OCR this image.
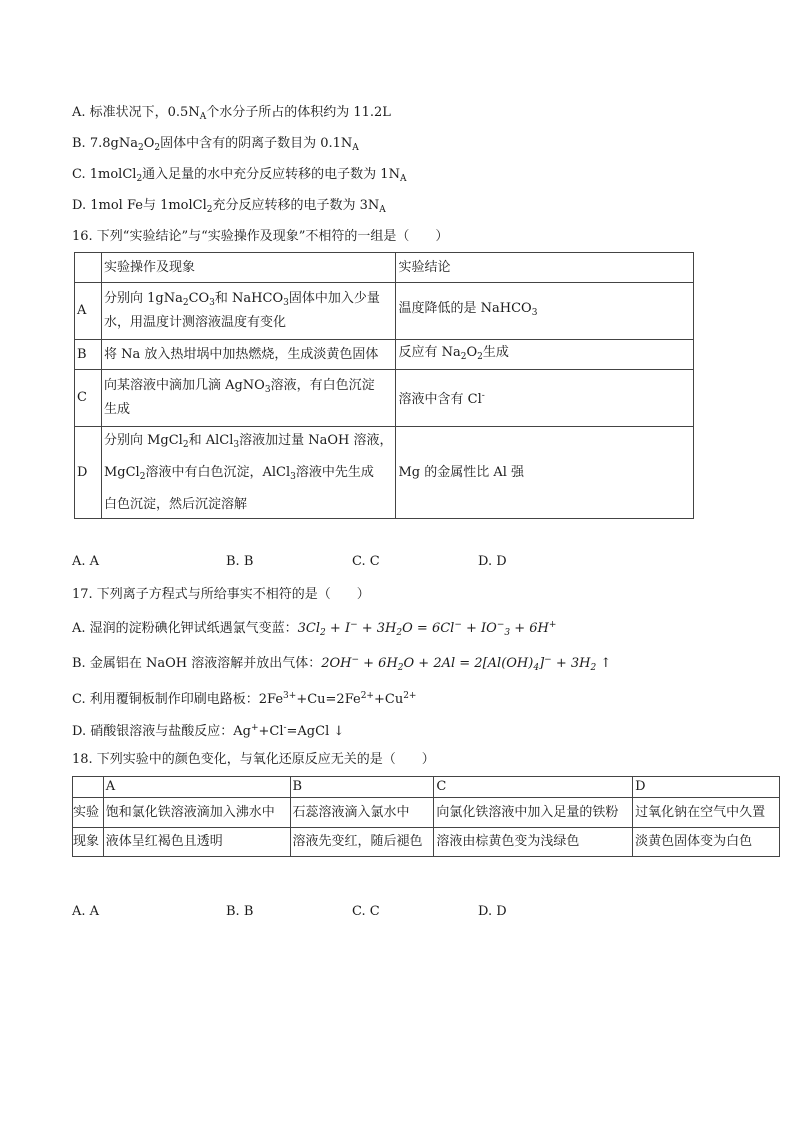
A. 标准状况下，$0.5N_A$个水分子所占的体积约为 11.2L
B. $7.8gNa_2O_2$固体中含有的阴离子数目为 $0.1N_A$
C. 1molCl$_2$通入足量的水中充分反应转移的电子数为 $1N_A$
D. 1mol Fe与 1molCl$_2$充分反应转移的电子数为 $3N_A$
16. 下列“实验结论”与“实验操作及现象”不相符的一组是（　　）
	实验操作及现象	实验结论
A	分别向 $1gNa_2CO_3$和 NaHCO$_3$固体中加入少量
水，用温度计测溶液温度有变化	温度降低的是 NaHCO$_3$
B	将 Na 放入热坩埚中加热燃烧，生成淡黄色固体	反应有 $Na_2O_2$生成
C	向某溶液中滴加几滴 AgNO$_3$溶液，有白色沉淀
生成	溶液中含有 Cl-
D	分别向 MgCl$_2$和 AlCl$_3$溶液加过量 NaOH 溶液，
MgCl$_2$溶液中有白色沉淀，AlCl$_3$溶液中先生成
白色沉淀，然后沉淀溶解	Mg 的金属性比 Al 强
A. A	B. B	C. C	D. D
17. 下列离子方程式与所给事实不相符的是（　　）
A. 湿润的淀粉碘化钾试纸遇氯气变蓝：$3Cl_2 + I^- + 3H_2O = 6Cl^- + IO^-_3 + 6H^+$
B. 金属铝在 NaOH 溶液溶解并放出气体：$2OH^- + 6H_2O + 2Al = 2[Al(OH)_4]^- + 3H_2$ ↑
C. 利用覆铜板制作印刷电路板：$2Fe^{3+}+Cu=2Fe^{2+}+Cu^{2+}$
D. 硝酸银溶液与盐酸反应：Ag++Cl-=AgCl ↓
18. 下列实验中的颜色变化，与氧化还原反应无关的是（　　）
	A	B	C	D
实验	饱和氯化铁溶液滴加入沸水中	石蕊溶液滴入氯水中	向氯化铁溶液中加入足量的铁粉	过氧化钠在空气中久置
现象	液体呈红褐色且透明	溶液先变红，随后褪色	溶液由棕黄色变为浅绿色	淡黄色固体变为白色
A. A	B. B	C. C	D. D
